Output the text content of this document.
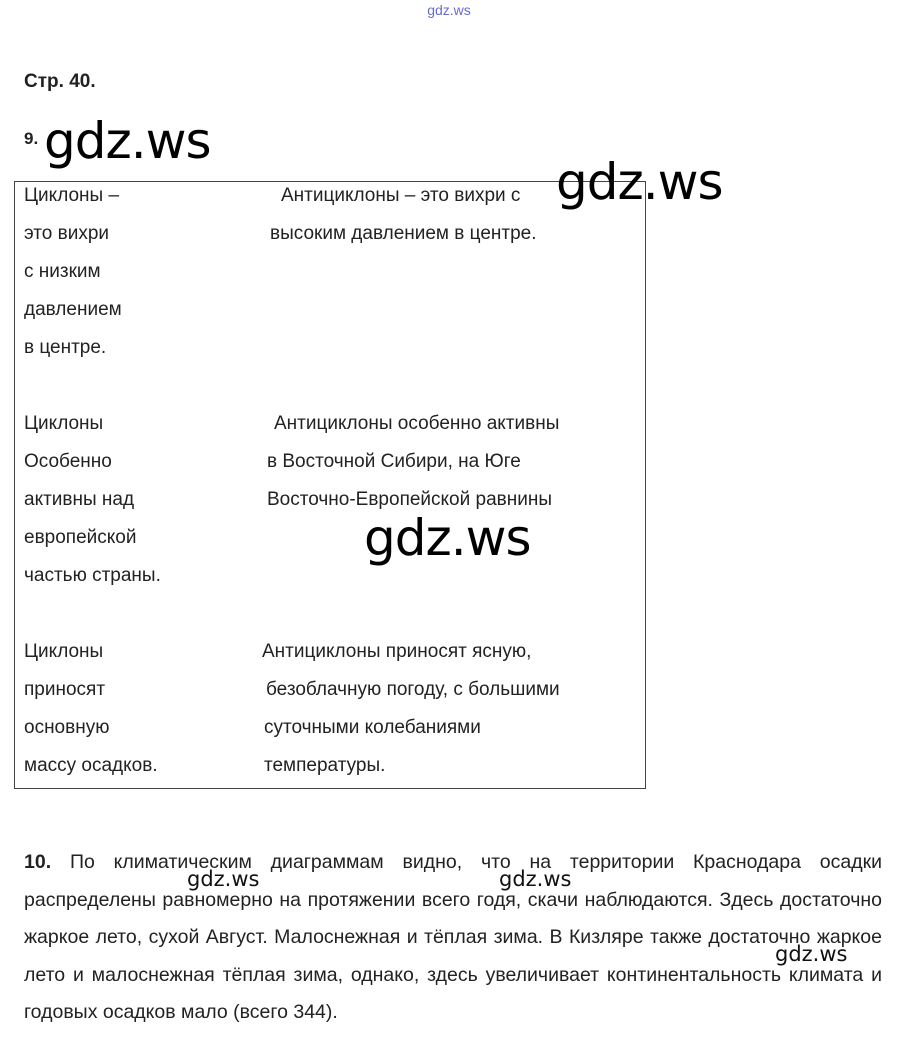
gdz.ws
Стр. 40.
9.
Циклоны –
это вихри
с низким
давлением
в центре.
Антициклоны – это вихри с
высоким давлением в центре.
Циклоны
Особенно
активны над
европейской
частью страны.
Антициклоны особенно активны
в Восточной Сибири, на Юге
Восточно-Европейской равнины
Циклоны
приносят
основную
массу осадков.
Антициклоны приносят ясную,
безоблачную погоду, с большими
суточными колебаниями
температуры.
10. По климатическим диаграммам видно, что на территории Краснодара осадки распределены равномерно на протяжении всего годя, скачи наблюдаются. Здесь достаточно жаркое лето, сухой Август. Малоснежная и тёплая зима. В Кизляре также достаточно жаркое лето и малоснежная тёплая зима, однако, здесь увеличивает континентальность климата и годовых осадков мало (всего 344).
gdz.ws
gdz.ws
gdz.ws
gdz.ws	gdz.ws
gdz.ws
